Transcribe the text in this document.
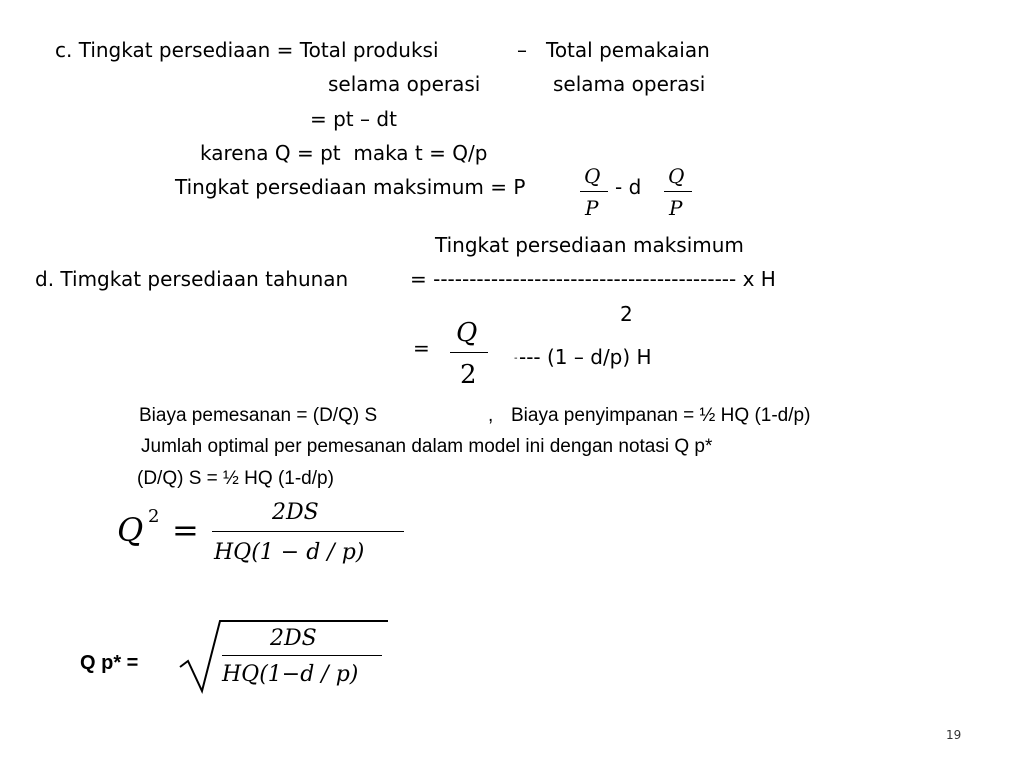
c. Tingkat persediaan = Total produksi	– Total pemakaian
selama operasi	selama operasi
= pt – dt
karena Q = pt  maka t = Q/p
Tingkat persediaan maksimum = P	Q
P
- d Q
P
Tingkat persediaan maksimum
d. Timgkat persediaan tahunan	= ------------------------------------------ x H
2
= Q
2
- --- (1 – d/p) H
Biaya pemesanan = (D/Q) S	, Biaya penyimpanan = ½ HQ (1-d/p)
Jumlah optimal per pemesanan dalam model ini dengan notasi Q p*
(D/Q) S = ½ HQ (1-d/p)
Q 2 =	2DS
HQ(1 − d / p)
Q p* =
2DS
HQ(1−d / p)
19
